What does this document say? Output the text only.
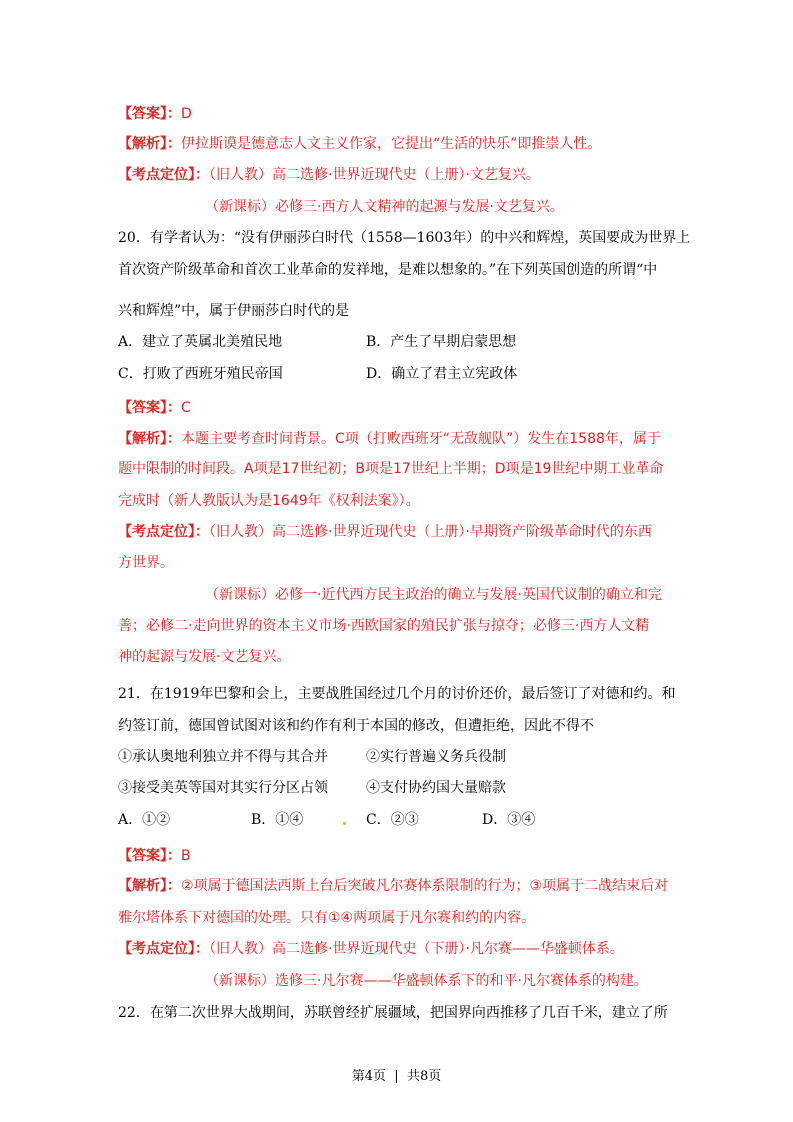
【答案】：D
【解析】：伊拉斯谟是德意志人文主义作家，它提出“生活的快乐”即推崇人性。
【考点定位】：（旧人教）高二选修·世界近现代史（上册）·文艺复兴。
（新课标）必修三·西方人文精神的起源与发展·文艺复兴。
20．有学者认为：“没有伊丽莎白时代（1558—1603年）的中兴和辉煌，英国要成为世界上
首次资产阶级革命和首次工业革命的发祥地，是难以想象的。”在下列英国创造的所谓“中
兴和辉煌”中，属于伊丽莎白时代的是
A．建立了英属北美殖民地	B．产生了早期启蒙思想
C．打败了西班牙殖民帝国	D．确立了君主立宪政体
【答案】：C
【解析】：本题主要考查时间背景。C项（打败西班牙“无敌舰队”）发生在1588年，属于
题中限制的时间段。A项是17世纪初；B项是17世纪上半期；D项是19世纪中期工业革命
完成时（新人教版认为是1649年《权利法案》）。
【考点定位】：（旧人教）高二选修·世界近现代史（上册）·早期资产阶级革命时代的东西
方世界。
（新课标）必修一·近代西方民主政治的确立与发展·英国代议制的确立和完
善；必修二·走向世界的资本主义市场·西欧国家的殖民扩张与掠夺；必修三·西方人文精
神的起源与发展·文艺复兴。
21．在1919年巴黎和会上，主要战胜国经过几个月的讨价还价，最后签订了对德和约。和
约签订前，德国曾试图对该和约作有利于本国的修改，但遭拒绝，因此不得不
①承认奥地利独立并不得与其合并	②实行普遍义务兵役制
③接受美英等国对其实行分区占领	④支付协约国大量赔款
A．①②	B．①④	C．②③	D．③④
【答案】：B
【解析】：②项属于德国法西斯上台后突破凡尔赛体系限制的行为；③项属于二战结束后对
雅尔塔体系下对德国的处理。只有①④两项属于凡尔赛和约的内容。
【考点定位】：（旧人教）高二选修·世界近现代史（下册）·凡尔赛——华盛顿体系。
（新课标）选修三·凡尔赛——华盛顿体系下的和平·凡尔赛体系的构建。
22．在第二次世界大战期间，苏联曾经扩展疆域，把国界向西推移了几百千米，建立了所
第4页  |  共8页
